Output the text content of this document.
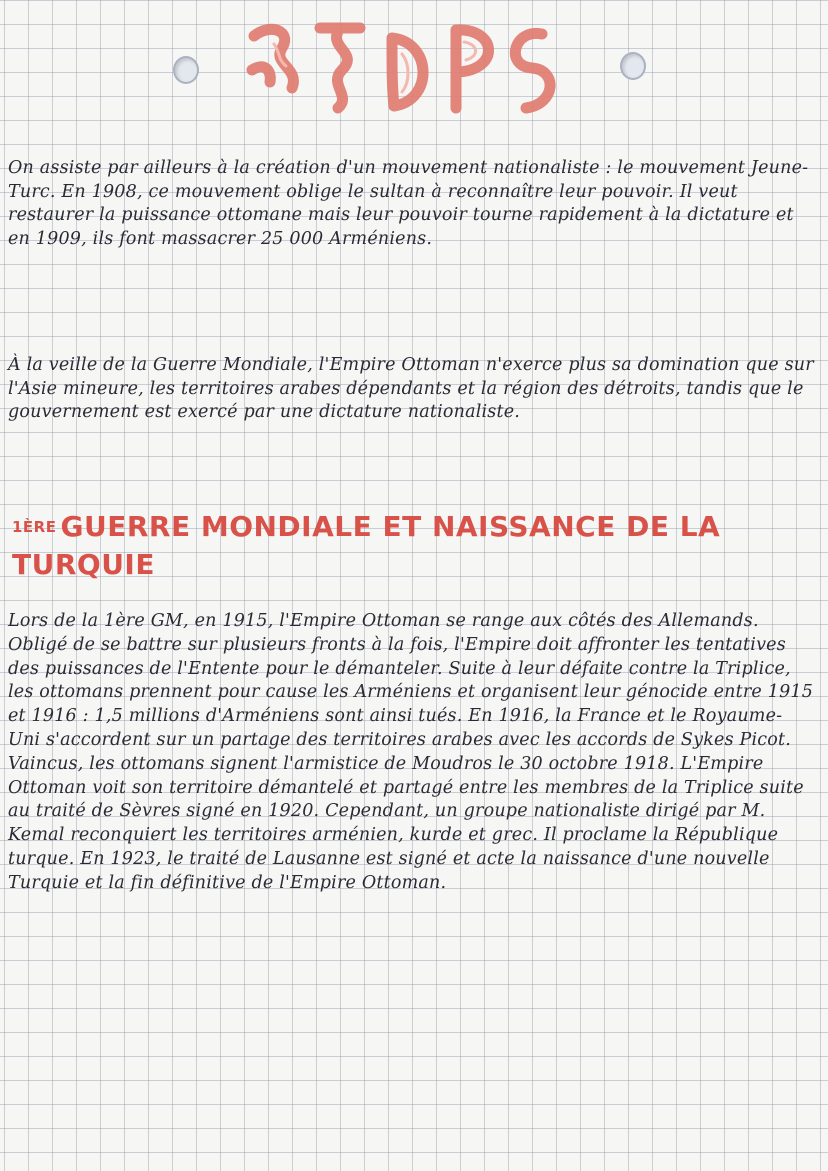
On assiste par ailleurs à la création d'un mouvement nationaliste : le mouvement Jeune-Turc. En 1908, ce mouvement oblige le sultan à reconnaître leur pouvoir. Il veut restaurer la puissance ottomane mais leur pouvoir tourne rapidement à la dictature et en 1909, ils font massacrer 25 000 Arméniens.
À la veille de la Guerre Mondiale, l'Empire Ottoman n'exerce plus sa domination que sur l'Asie mineure, les territoires arabes dépendants et la région des détroits, tandis que le gouvernement est exercé par une dictature nationaliste.
$^{1ÈRE}$ GUERRE MONDIALE ET NAISSANCE DE LA TURQUIE
Lors de la 1ère GM, en 1915, l'Empire Ottoman se range aux côtés des Allemands. Obligé de se battre sur plusieurs fronts à la fois, l'Empire doit affronter les tentatives des puissances de l'Entente pour le démanteler. Suite à leur défaite contre la Triplice, les ottomans prennent pour cause les Arméniens et organisent leur génocide entre 1915 et 1916 : 1,5 millions d'Arméniens sont ainsi tués. En 1916, la France et le Royaume-Uni s'accordent sur un partage des territoires arabes avec les accords de Sykes Picot. Vaincus, les ottomans signent l'armistice de Moudros le 30 octobre 1918. L'Empire Ottoman voit son territoire démantelé et partagé entre les membres de la Triplice suite au traité de Sèvres signé en 1920. Cependant, un groupe nationaliste dirigé par M. Kemal reconquiert les territoires arménien, kurde et grec. Il proclame la République turque. En 1923, le traité de Lausanne est signé et acte la naissance d'une nouvelle Turquie et la fin définitive de l'Empire Ottoman.
